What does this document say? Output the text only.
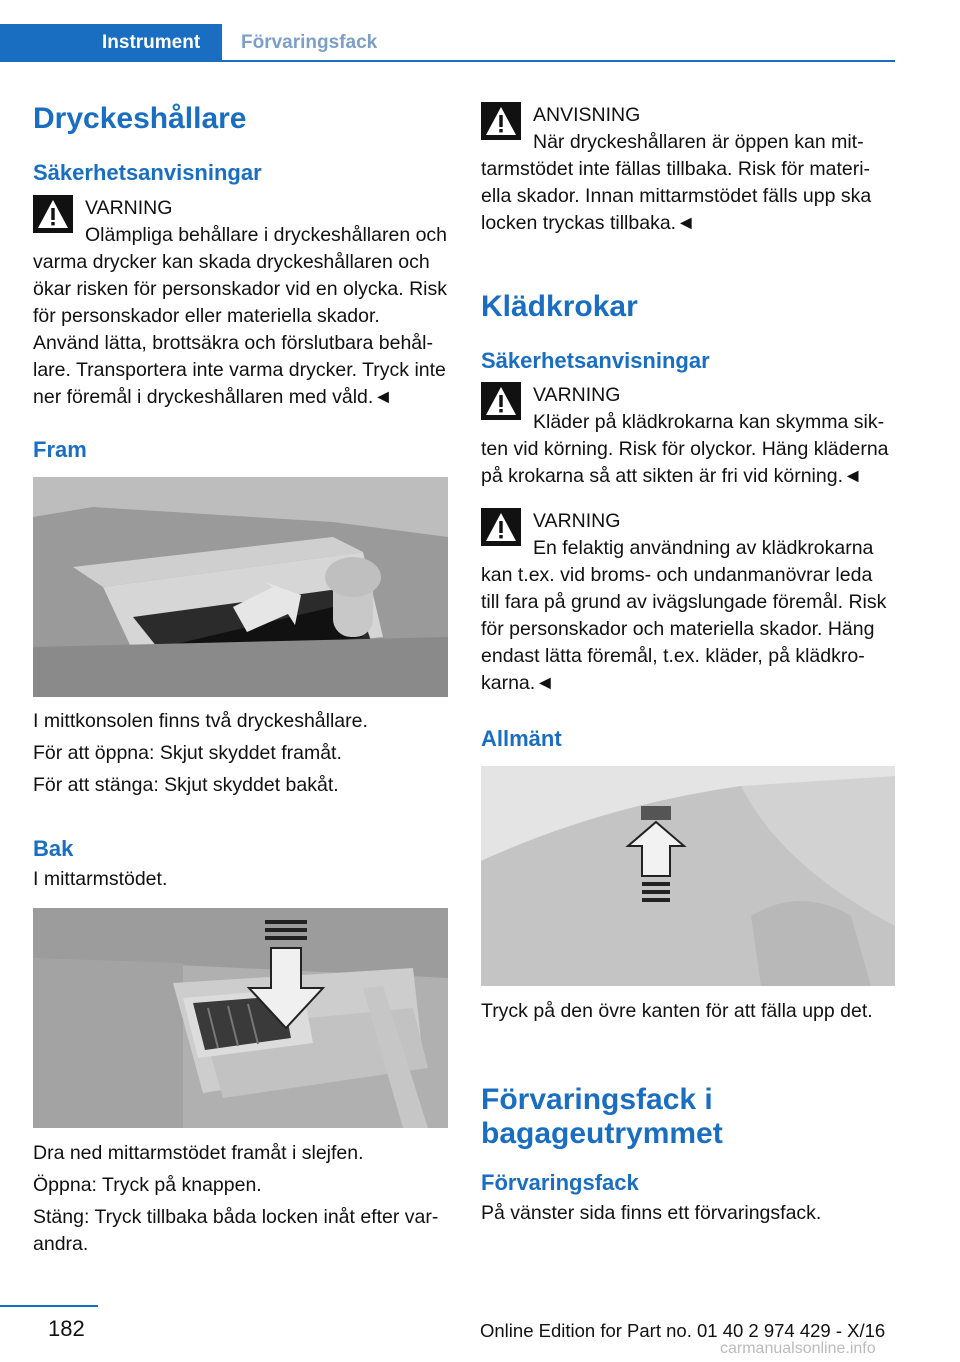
Instrument	Förvaringsfack
Dryckeshållare
Säkerhetsanvisningar
VARNING
Olämpliga behållare i dryckeshållaren och varma drycker kan skada dryckeshållaren och ökar risken för personskador vid en olycka. Risk för personskador eller materiella skador. Använd lätta, brottsäkra och förslutbara behål‐lare. Transportera inte varma drycker. Tryck inte ner föremål i dryckeshållaren med våld.◄
Fram
I mittkonsolen finns två dryckeshållare.
För att öppna: Skjut skyddet framåt.
För att stänga: Skjut skyddet bakåt.
Bak
I mittarmstödet.
Dra ned mittarmstödet framåt i slejfen.
Öppna: Tryck på knappen.
Stäng: Tryck tillbaka båda locken inåt efter var‐andra.
ANVISNING
När dryckeshållaren är öppen kan mit‐tarmstödet inte fällas tillbaka. Risk för materi‐ella skador. Innan mittarmstödet fälls upp ska locken tryckas tillbaka.◄
Klädkrokar
Säkerhetsanvisningar
VARNING
Kläder på klädkrokarna kan skymma sik‐ten vid körning. Risk för olyckor. Häng kläderna på krokarna så att sikten är fri vid körning.◄
VARNING
En felaktig användning av klädkrokarna kan t.ex. vid broms- och undanmanövrar leda till fara på grund av ivägslungade föremål. Risk för personskador och materiella skador. Häng endast lätta föremål, t.ex. kläder, på klädkro‐karna.◄
Allmänt
Tryck på den övre kanten för att fälla upp det.
Förvaringsfack i bagageutrymmet
Förvaringsfack
På vänster sida finns ett förvaringsfack.
182	Online Edition for Part no. 01 40 2 974 429 - X/16
carmanualsonline.info
